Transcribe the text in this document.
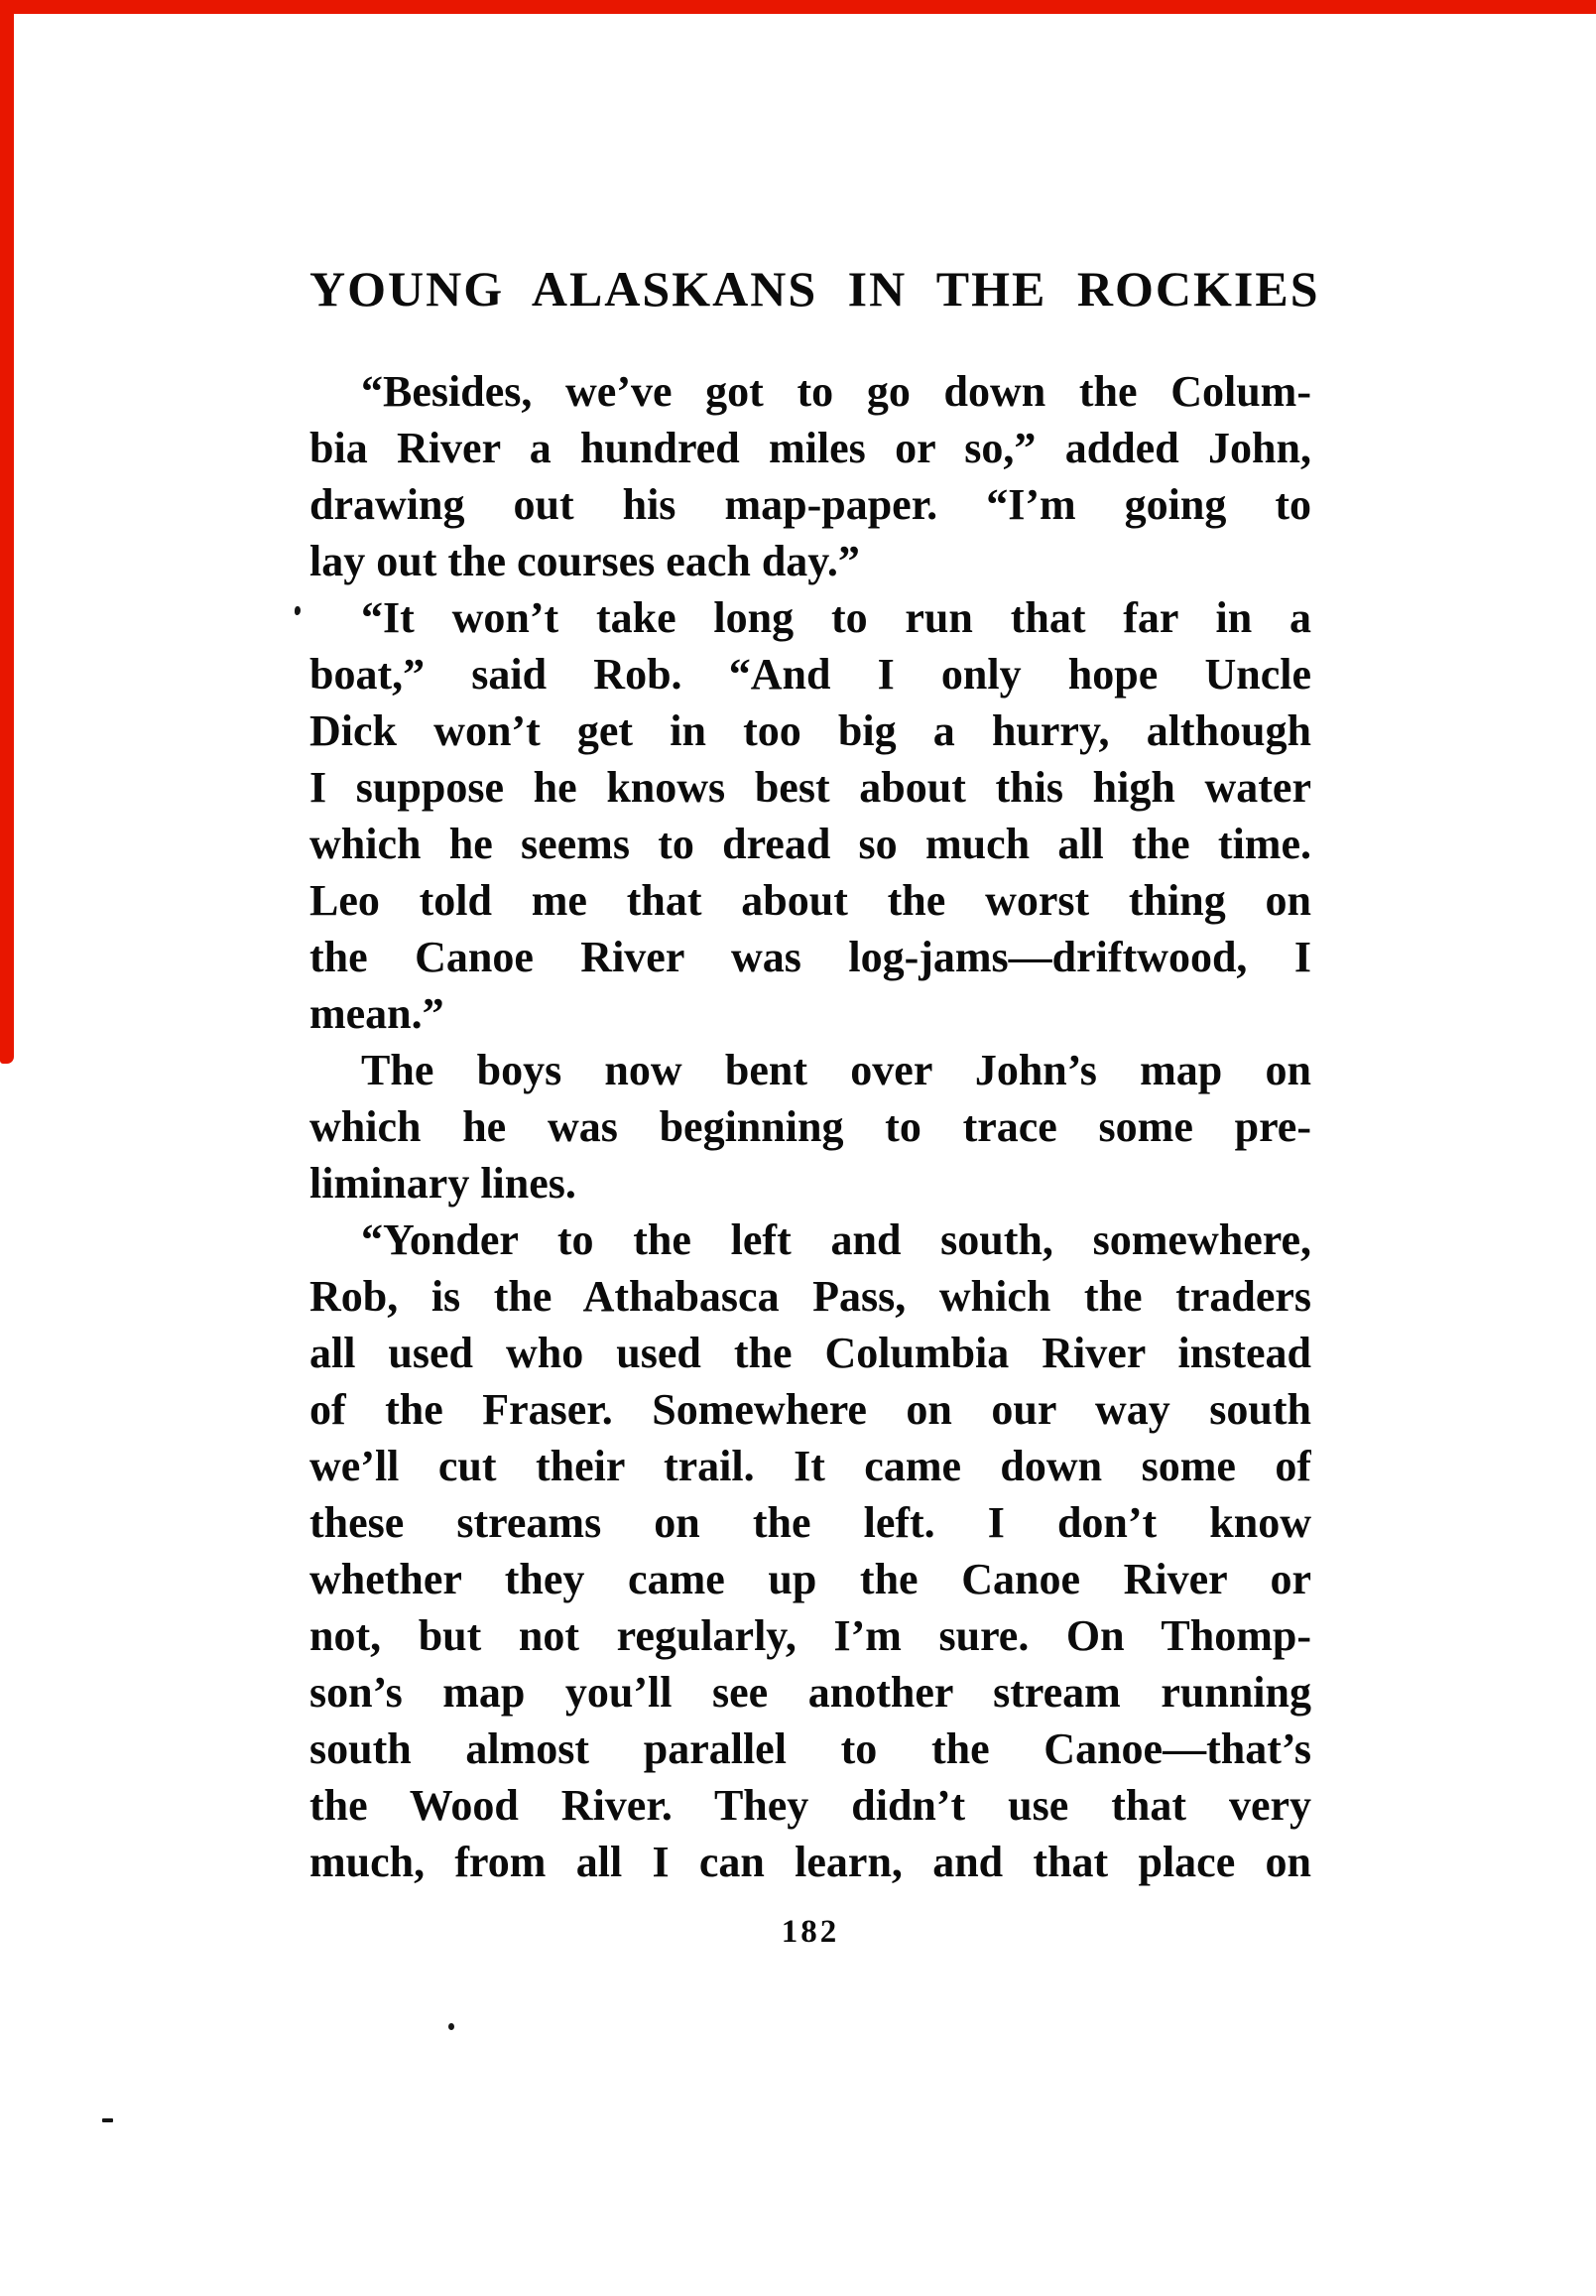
YOUNG ALASKANS IN THE ROCKIES
“Besides, we’ve got to go down the Colum-
bia River a hundred miles or so,” added John,
drawing out his map-paper. “I’m going to
lay out the courses each day.”
“It won’t take long to run that far in a
boat,” said Rob. “And I only hope Uncle
Dick won’t get in too big a hurry, although
I suppose he knows best about this high water
which he seems to dread so much all the time.
Leo told me that about the worst thing on
the Canoe River was log-jams—driftwood, I
mean.”
The boys now bent over John’s map on
which he was beginning to trace some pre-
liminary lines.
“Yonder to the left and south, somewhere,
Rob, is the Athabasca Pass, which the traders
all used who used the Columbia River instead
of the Fraser. Somewhere on our way south
we’ll cut their trail. It came down some of
these streams on the left. I don’t know
whether they came up the Canoe River or
not, but not regularly, I’m sure. On Thomp-
son’s map you’ll see another stream running
south almost parallel to the Canoe—that’s
the Wood River. They didn’t use that very
much, from all I can learn, and that place on
182
